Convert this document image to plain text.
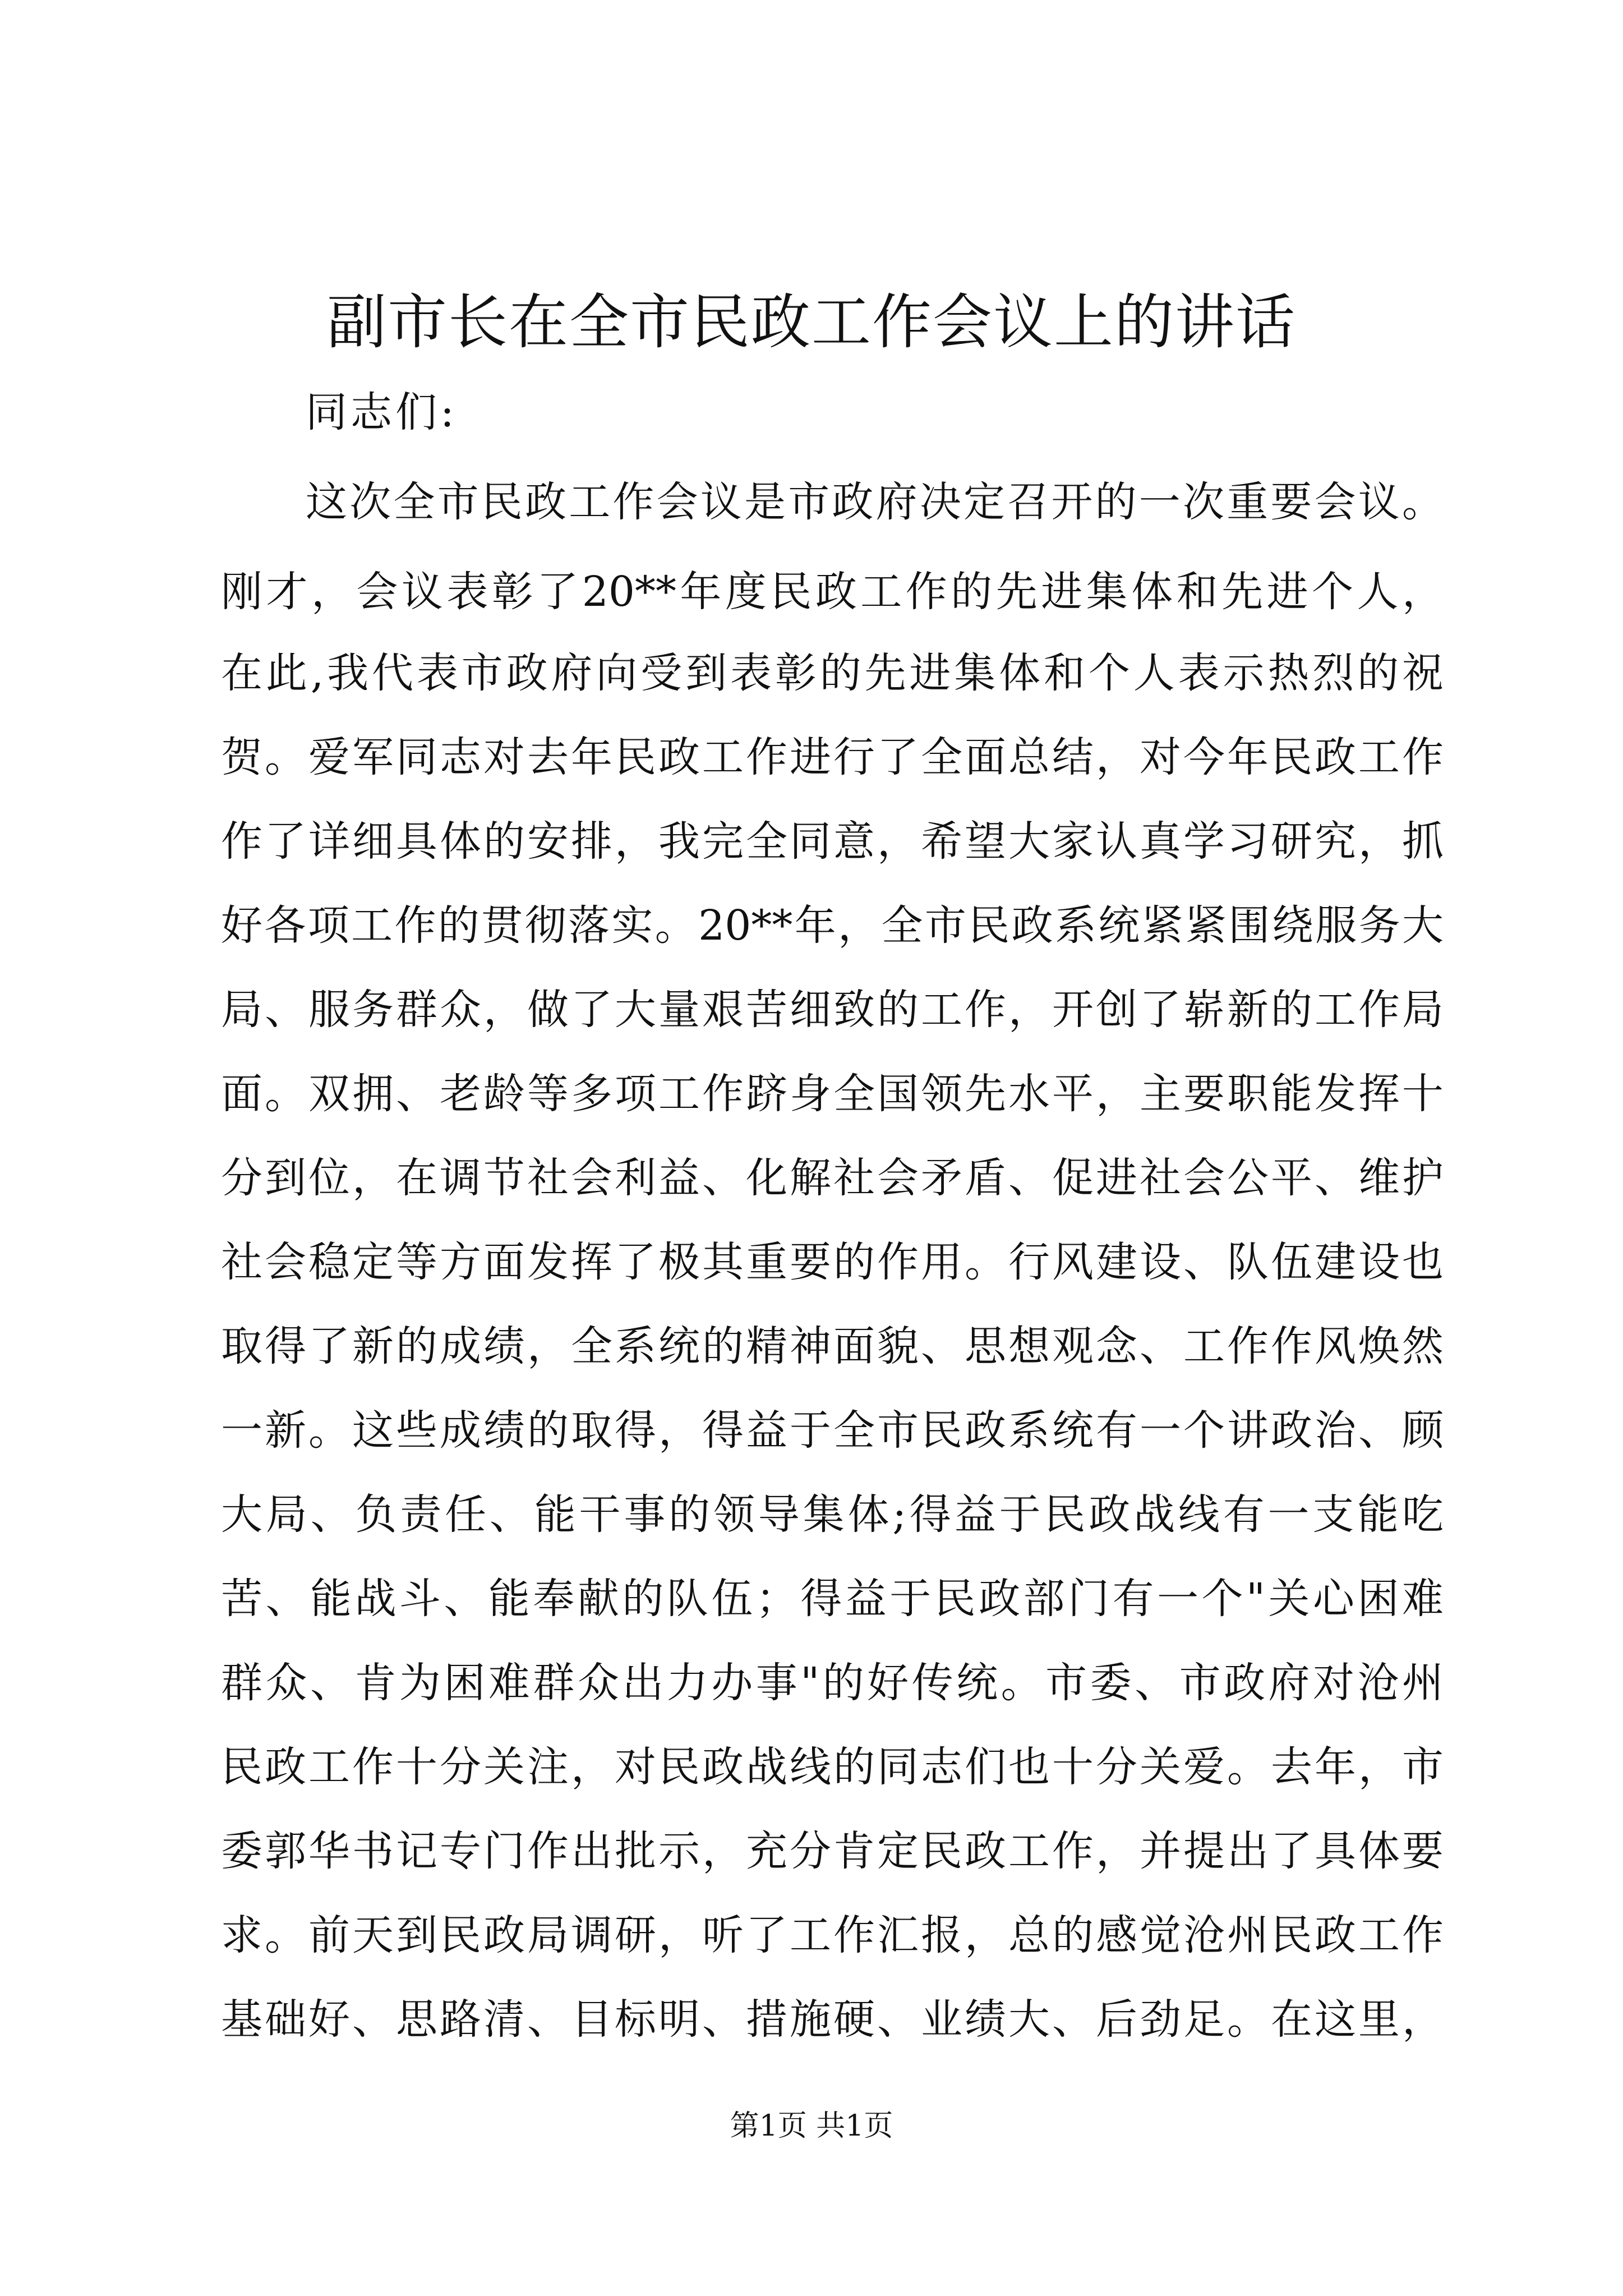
副市长在全市民政工作会议上的讲话
同志们:
这次全市民政工作会议是市政府决定召开的一次重要会议。
刚才，会议表彰了20**年度民政工作的先进集体和先进个人，
在此,我代表市政府向受到表彰的先进集体和个人表示热烈的祝
贺。爱军同志对去年民政工作进行了全面总结，对今年民政工作
作了详细具体的安排，我完全同意，希望大家认真学习研究，抓
好各项工作的贯彻落实。20**年，全市民政系统紧紧围绕服务大
局、服务群众，做了大量艰苦细致的工作，开创了崭新的工作局
面。双拥、老龄等多项工作跻身全国领先水平，主要职能发挥十
分到位，在调节社会利益、化解社会矛盾、促进社会公平、维护
社会稳定等方面发挥了极其重要的作用。行风建设、队伍建设也
取得了新的成绩，全系统的精神面貌、思想观念、工作作风焕然
一新。这些成绩的取得，得益于全市民政系统有一个讲政治、顾
大局、负责任、能干事的领导集体;得益于民政战线有一支能吃
苦、能战斗、能奉献的队伍；得益于民政部门有一个"关心困难
群众、肯为困难群众出力办事"的好传统。市委、市政府对沧州
民政工作十分关注，对民政战线的同志们也十分关爱。去年，市
委郭华书记专门作出批示，充分肯定民政工作，并提出了具体要
求。前天到民政局调研，听了工作汇报，总的感觉沧州民政工作
基础好、思路清、目标明、措施硬、业绩大、后劲足。在这里，
第1页 共1页
